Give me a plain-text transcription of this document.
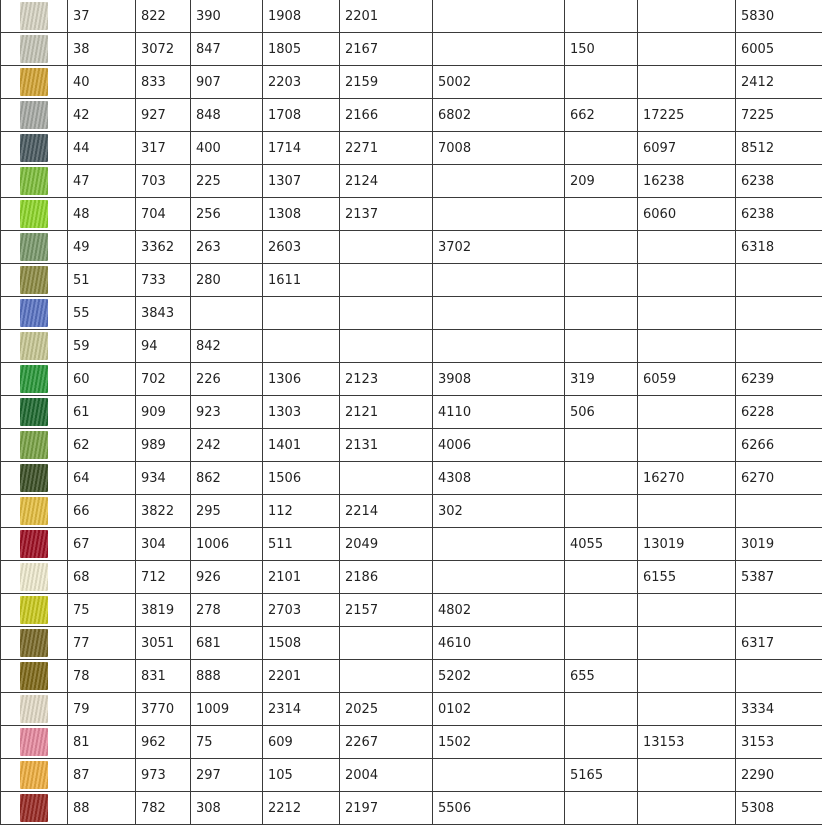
	37	822	390	1908	2201				5830
	38	3072	847	1805	2167		150		6005
	40	833	907	2203	2159	5002			2412
	42	927	848	1708	2166	6802	662	17225	7225
	44	317	400	1714	2271	7008		6097	8512
	47	703	225	1307	2124		209	16238	6238
	48	704	256	1308	2137			6060	6238
	49	3362	263	2603		3702			6318
	51	733	280	1611					
	55	3843							
	59	94	842						
	60	702	226	1306	2123	3908	319	6059	6239
	61	909	923	1303	2121	4110	506		6228
	62	989	242	1401	2131	4006			6266
	64	934	862	1506		4308		16270	6270
	66	3822	295	112	2214	302			
	67	304	1006	511	2049		4055	13019	3019
	68	712	926	2101	2186			6155	5387
	75	3819	278	2703	2157	4802			
	77	3051	681	1508		4610			6317
	78	831	888	2201		5202	655		
	79	3770	1009	2314	2025	0102			3334
	81	962	75	609	2267	1502		13153	3153
	87	973	297	105	2004		5165		2290
	88	782	308	2212	2197	5506			5308
